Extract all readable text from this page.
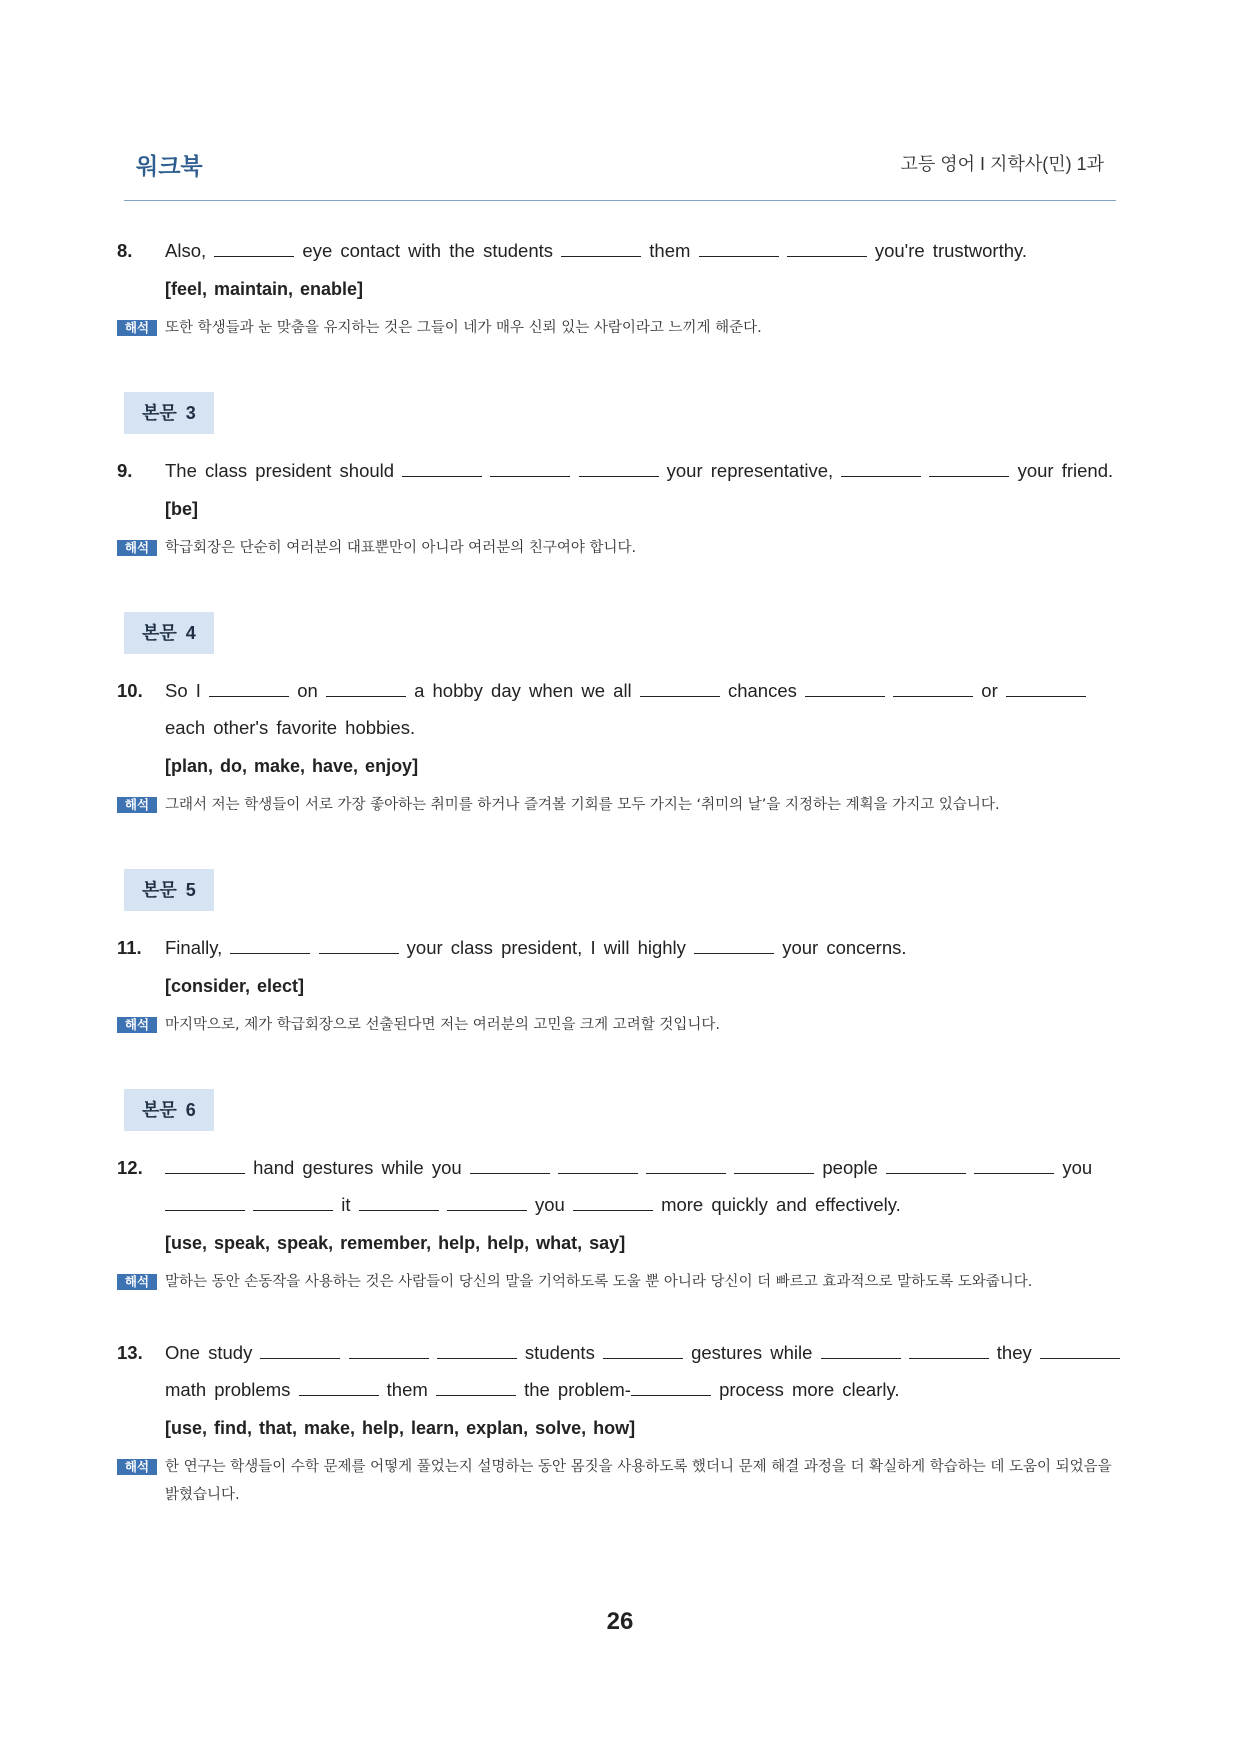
워크북	고등 영어 I 지학사(민) 1과
8. Also,	eye contact with the students	them	you're trustworthy.
[feel, maintain, enable]
해석	또한 학생들과 눈 맞춤을 유지하는 것은 그들이 네가 매우 신뢰 있는 사람이라고 느끼게 해준다.
본문 3
9. The class president should	your representative,	your friend.
[be]
해석	학급회장은 단순히 여러분의 대표뿐만이 아니라 여러분의 친구여야 합니다.
본문 4
10. So I	on	a hobby day when we all	chances	or  each other's favorite hobbies.
[plan, do, make, have, enjoy]
해석	그래서 저는 학생들이 서로 가장 좋아하는 취미를 하거나 즐겨볼 기회를 모두 가지는 ‘취미의 날’을 지정하는 계획을 가지고 있습니다.
본문 5
11. Finally,	your class president, I will highly	your concerns.
[consider, elect]
해석	마지막으로, 제가 학급회장으로 선출된다면 저는 여러분의 고민을 크게 고려할 것입니다.
본문 6
12.	hand gestures while you	people	you   it	you	more quickly and effectively.
[use, speak, speak, remember, help, help, what, say]
해석	말하는 동안 손동작을 사용하는 것은 사람들이 당신의 말을 기억하도록 도울 뿐 아니라 당신이 더 빠르고 효과적으로 말하도록 도와줍니다.
13. One study	students	gestures while	they  math problems	them	the problem-	process more clearly.
[use, find, that, make, help, learn, explan, solve, how]
해석	한 연구는 학생들이 수학 문제를 어떻게 풀었는지 설명하는 동안 몸짓을 사용하도록 했더니 문제 해결 과정을 더 확실하게 학습하는 데 도움이 되었음을 밝혔습니다.
26
